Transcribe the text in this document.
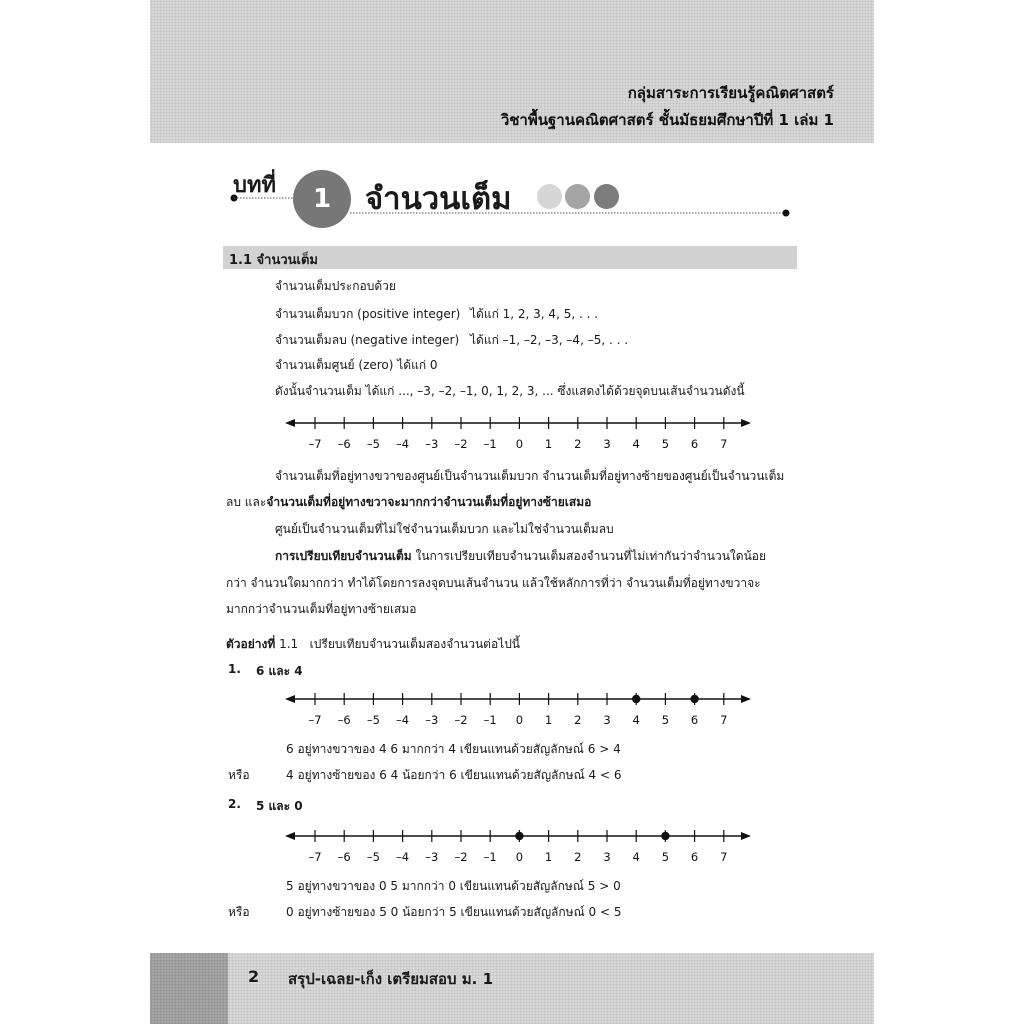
กลุ่มสาระการเรียนรู้คณิตศาสตร์
วิชาพื้นฐานคณิตศาสตร์ ชั้นมัธยมศึกษาปีที่ 1 เล่ม 1
บทที่	1	จำนวนเต็ม
1.1 จำนวนเต็ม
จำนวนเต็มประกอบด้วย
จำนวนเต็มบวก (positive integer) ได้แก่ 1, 2, 3, 4, 5, . . .
จำนวนเต็มลบ (negative integer) ได้แก่ –1, –2, –3, –4, –5, . . .
จำนวนเต็มศูนย์ (zero) ได้แก่ 0
ดังนั้นจำนวนเต็ม ได้แก่ ..., –3, –2, –1, 0, 1, 2, 3, ... ซึ่งแสดงได้ด้วยจุดบนเส้นจำนวนดังนี้
–7 –6 –5 –4 –3 –2 –1 0 1 2 3 4 5 6 7
จำนวนเต็มที่อยู่ทางขวาของศูนย์เป็นจำนวนเต็มบวก จำนวนเต็มที่อยู่ทางซ้ายของศูนย์เป็นจำนวนเต็ม
ลบ และจำนวนเต็มที่อยู่ทางขวาจะมากกว่าจำนวนเต็มที่อยู่ทางซ้ายเสมอ
ศูนย์เป็นจำนวนเต็มที่ไม่ใช่จำนวนเต็มบวก และไม่ใช่จำนวนเต็มลบ
การเปรียบเทียบจำนวนเต็ม ในการเปรียบเทียบจำนวนเต็มสองจำนวนที่ไม่เท่ากันว่าจำนวนใดน้อย
กว่า จำนวนใดมากกว่า ทำได้โดยการลงจุดบนเส้นจำนวน แล้วใช้หลักการที่ว่า จำนวนเต็มที่อยู่ทางขวาจะ
มากกว่าจำนวนเต็มที่อยู่ทางซ้ายเสมอ
ตัวอย่างที่ 1.1 เปรียบเทียบจำนวนเต็มสองจำนวนต่อไปนี้
1. 6 และ 4
–7 –6 –5 –4 –3 –2 –1 0 1 2 3 4 5 6 7
6 อยู่ทางขวาของ 4 6 มากกว่า 4 เขียนแทนด้วยสัญลักษณ์ 6 > 4
หรือ	4 อยู่ทางซ้ายของ 6 4 น้อยกว่า 6 เขียนแทนด้วยสัญลักษณ์ 4 < 6
2. 5 และ 0
–7 –6 –5 –4 –3 –2 –1 0 1 2 3 4 5 6 7
5 อยู่ทางขวาของ 0 5 มากกว่า 0 เขียนแทนด้วยสัญลักษณ์ 5 > 0
หรือ	0 อยู่ทางซ้ายของ 5 0 น้อยกว่า 5 เขียนแทนด้วยสัญลักษณ์ 0 < 5
2 สรุป-เฉลย-เก็ง เตรียมสอบ ม. 1
